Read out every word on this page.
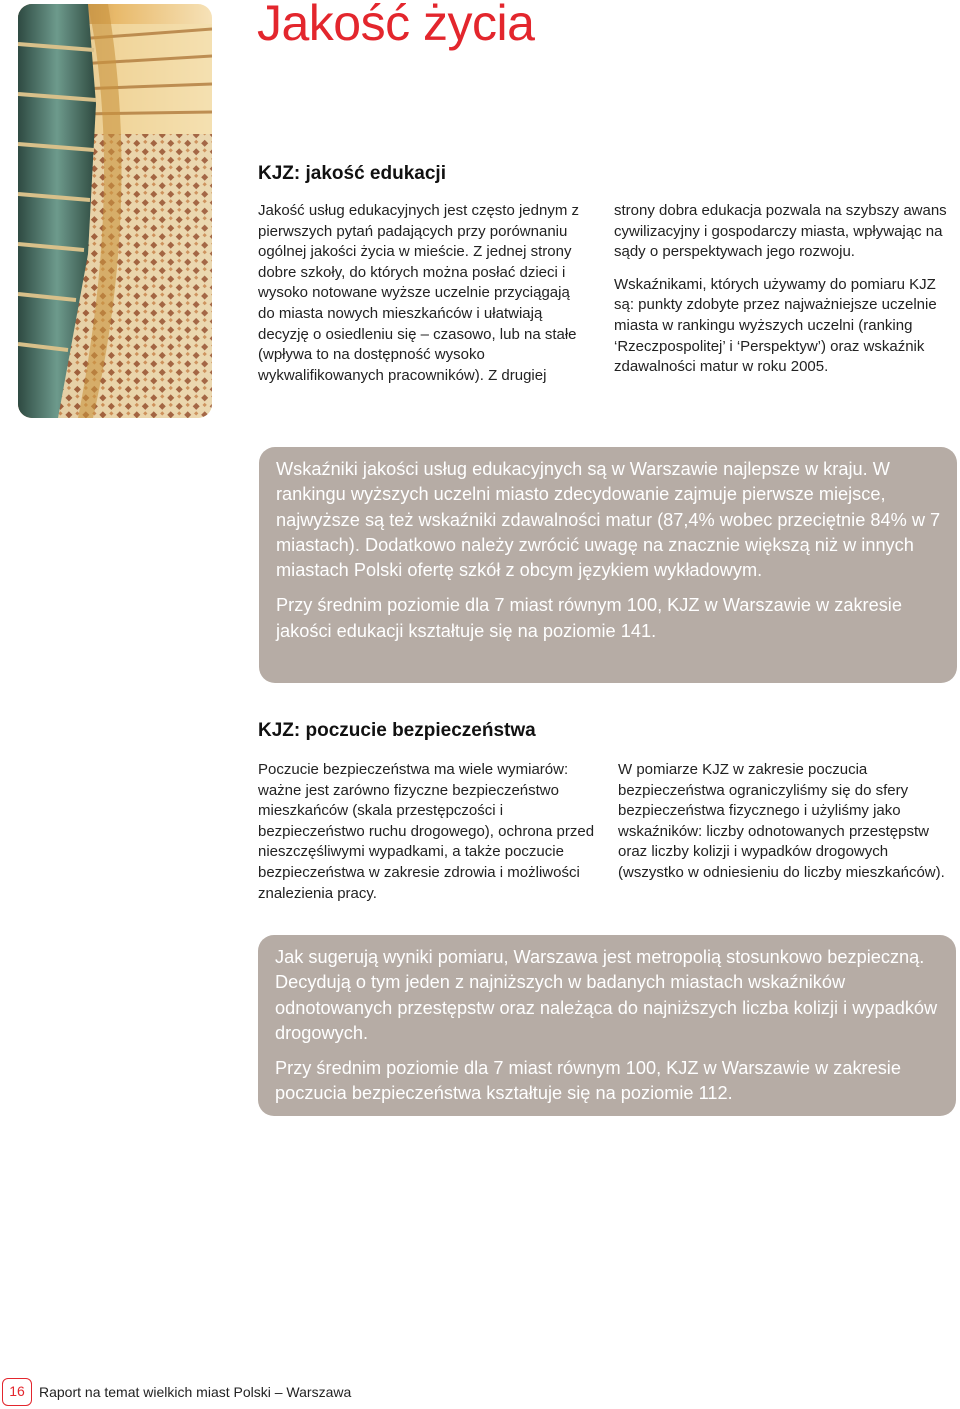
Jakość życia
KJZ: jakość edukacji

Jakość usług edukacyjnych jest często jednym z pierwszych pytań padających przy porównaniu ogólnej jakości życia w mieście. Z jednej strony dobre szkoły, do których można posłać dzieci i wysoko notowane wyższe uczelnie przyciągają do miasta nowych mieszkańców i ułatwiają decyzję o osiedleniu się – czasowo, lub na stałe (wpływa to na dostępność wysoko wykwalifikowanych pracowników). Z drugiej

strony dobra edukacja pozwala na szybszy awans cywilizacyjny i gospodarczy miasta, wpływając na sądy o perspektywach jego rozwoju.

Wskaźnikami, których używamy do pomiaru KJZ są: punkty zdobyte przez najważniejsze uczelnie miasta w rankingu wyższych uczelni (ranking ‘Rzeczpospolitej’ i ‘Perspektyw’) oraz wskaźnik zdawalności matur w roku 2005.

Wskaźniki jakości usług edukacyjnych są w Warszawie najlepsze w kraju. W rankingu wyższych uczelni miasto zdecydowanie zajmuje pierwsze miejsce, najwyższe są też wskaźniki zdawalności matur (87,4% wobec przeciętnie 84% w 7 miastach). Dodatkowo należy zwrócić uwagę na znacznie większą niż w innych miastach Polski ofertę szkół z obcym językiem wykładowym.

Przy średnim poziomie dla 7 miast równym 100, KJZ w Warszawie w zakresie jakości edukacji kształtuje się na poziomie 141.

KJZ: poczucie bezpieczeństwa

Poczucie bezpieczeństwa ma wiele wymiarów: ważne jest zarówno fizyczne bezpieczeństwo mieszkańców (skala przestępczości i bezpieczeństwo ruchu drogowego), ochrona przed nieszczęśliwymi wypadkami, a także poczucie bezpieczeństwa w zakresie zdrowia i możliwości znalezienia pracy.

W pomiarze KJZ w zakresie poczucia bezpieczeństwa ograniczyliśmy się do sfery bezpieczeństwa fizycznego i użyliśmy jako wskaźników: liczby odnotowanych przestępstw oraz liczby kolizji i wypadków drogowych (wszystko w odniesieniu do liczby mieszkańców).

Jak sugerują wyniki pomiaru, Warszawa jest metropolią stosunkowo bezpieczną. Decydują o tym jeden z najniższych w badanych miastach wskaźników odnotowanych przestępstw oraz należąca do najniższych liczba kolizji i wypadków drogowych.

Przy średnim poziomie dla 7 miast równym 100, KJZ w Warszawie w zakresie poczucia bezpieczeństwa kształtuje się na poziomie 112.

16	Raport na temat wielkich miast Polski – Warszawa
